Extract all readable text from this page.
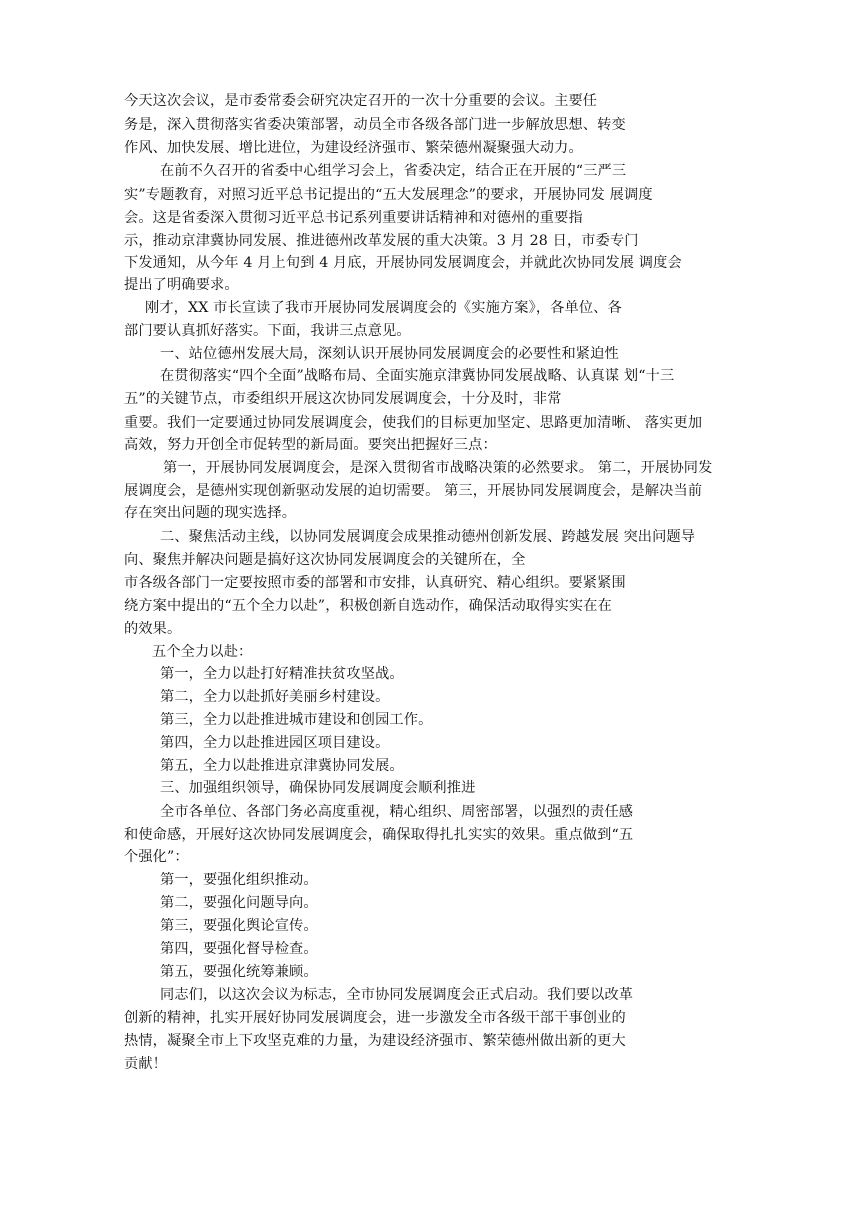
今天这次会议，是市委常委会研究决定召开的一次十分重要的会议。主要任
务是，深入贯彻落实省委决策部署，动员全市各级各部门进一步解放思想、转变
作风、加快发展、增比进位，为建设经济强市、繁荣德州凝聚强大动力。
在前不久召开的省委中心组学习会上，省委决定，结合正在开展的“三严三
实”专题教育，对照习近平总书记提出的“五大发展理念”的要求，开展协同发 展调度
会。这是省委深入贯彻习近平总书记系列重要讲话精神和对德州的重要指
示，推动京津冀协同发展、推进德州改革发展的重大决策。3 月 28 日，市委专门
下发通知，从今年 4 月上旬到 4 月底，开展协同发展调度会，并就此次协同发展 调度会
提出了明确要求。
刚才，XX 市长宣读了我市开展协同发展调度会的《实施方案》，各单位、各
部门要认真抓好落实。下面，我讲三点意见。
一、站位德州发展大局，深刻认识开展协同发展调度会的必要性和紧迫性
在贯彻落实“四个全面”战略布局、全面实施京津冀协同发展战略、认真谋 划“十三
五”的关键节点，市委组织开展这次协同发展调度会，十分及时，非常
重要。我们一定要通过协同发展调度会，使我们的目标更加坚定、思路更加清晰、 落实更加
高效，努力开创全市促转型的新局面。要突出把握好三点：
第一，开展协同发展调度会，是深入贯彻省市战略决策的必然要求。 第二，开展协同发
展调度会，是德州实现创新驱动发展的迫切需要。 第三，开展协同发展调度会，是解决当前
存在突出问题的现实选择。
二、聚焦活动主线，以协同发展调度会成果推动德州创新发展、跨越发展 突出问题导
向、聚焦并解决问题是搞好这次协同发展调度会的关键所在，全
市各级各部门一定要按照市委的部署和市安排，认真研究、精心组织。要紧紧围
绕方案中提出的“五个全力以赴”，积极创新自选动作，确保活动取得实实在在
的效果。
五个全力以赴：
第一，全力以赴打好精准扶贫攻坚战。
第二，全力以赴抓好美丽乡村建设。
第三，全力以赴推进城市建设和创园工作。
第四，全力以赴推进园区项目建设。
第五，全力以赴推进京津冀协同发展。
三、加强组织领导，确保协同发展调度会顺利推进
全市各单位、各部门务必高度重视，精心组织、周密部署，以强烈的责任感
和使命感，开展好这次协同发展调度会，确保取得扎扎实实的效果。重点做到“五
个强化”：
第一，要强化组织推动。
第二，要强化问题导向。
第三，要强化舆论宣传。
第四，要强化督导检查。
第五，要强化统筹兼顾。
同志们，以这次会议为标志，全市协同发展调度会正式启动。我们要以改革
创新的精神，扎实开展好协同发展调度会，进一步激发全市各级干部干事创业的
热情，凝聚全市上下攻坚克难的力量，为建设经济强市、繁荣德州做出新的更大
贡献！
